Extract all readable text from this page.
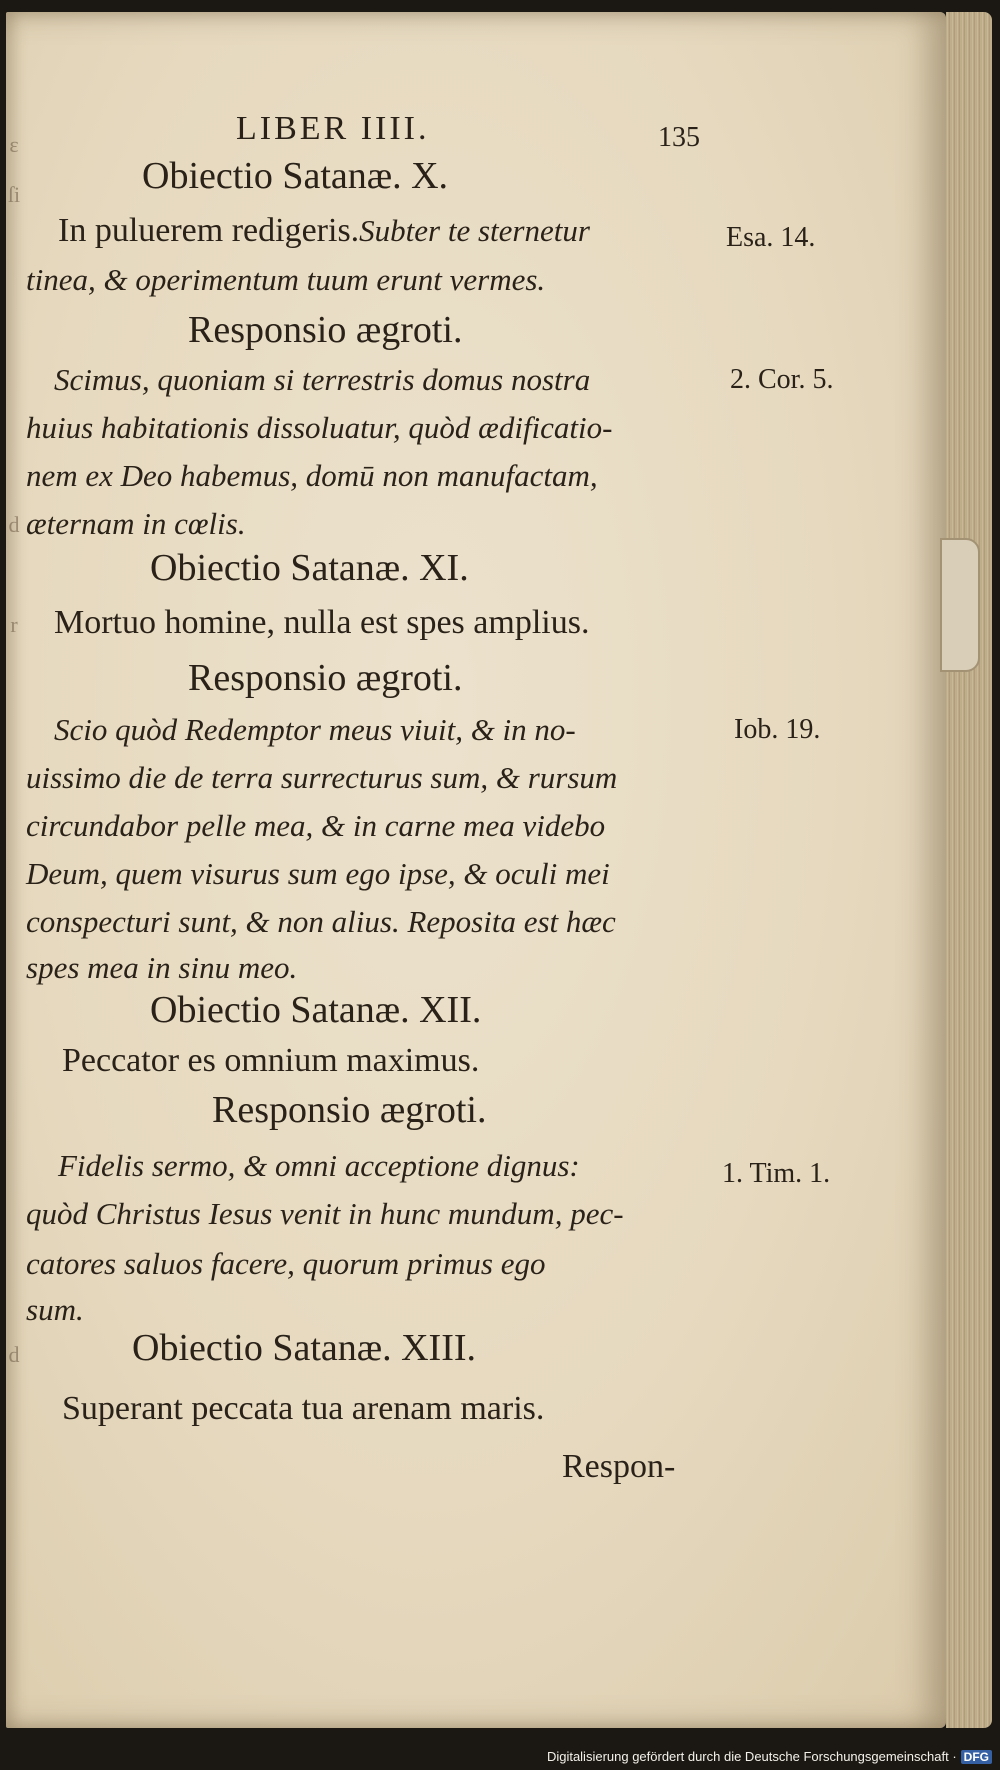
ε
ſi
d
r
d
LIBER IIII.	135
Obiectio Satanæ. X.
In puluerem redigeris.Subter te sternetur	Esa. 14.
tinea, & operimentum tuum erunt vermes.
Responsio ægroti.
Scimus, quoniam si terrestris domus nostra	2. Cor. 5.
huius habitationis dissoluatur, quòd ædificatio-
nem ex Deo habemus, domū non manufactam,
æternam in cœlis.
Obiectio Satanæ. XI.
Mortuo homine, nulla est spes amplius.
Responsio ægroti.
Scio quòd Redemptor meus viuit, & in no-	Iob. 19.
uissimo die de terra surrecturus sum, & rursum
circundabor pelle mea, & in carne mea videbo
Deum, quem visurus sum ego ipse, & oculi mei
conspecturi sunt, & non alius. Reposita est hæc
spes mea in sinu meo.
Obiectio Satanæ. XII.
Peccator es omnium maximus.
Responsio ægroti.
Fidelis sermo, & omni acceptione dignus:	1. Tim. 1.
quòd Christus Iesus venit in hunc mundum, pec-
catores saluos facere, quorum primus ego
sum.
Obiectio Satanæ. XIII.
Superant peccata tua arenam maris.
Respon-
Digitalisierung gefördert durch die Deutsche Forschungsgemeinschaft · DFG
